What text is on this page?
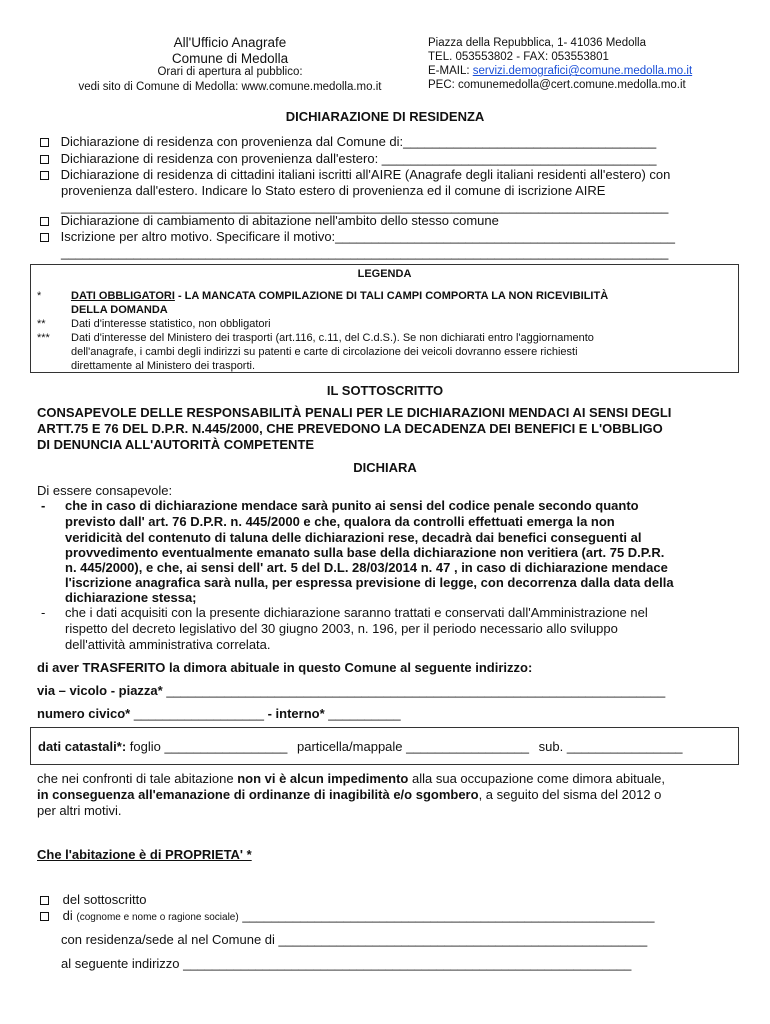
All'Ufficio Anagrafe
Comune di Medolla
Orari di apertura al pubblico:
vedi sito di Comune di Medolla: www.comune.medolla.mo.it
Piazza della Repubblica, 1- 41036 Medolla
TEL. 053553802 - FAX: 053553801
E-MAIL: servizi.demografici@comune.medolla.mo.it
PEC: comunemedolla@cert.comune.medolla.mo.it
DICHIARAZIONE DI RESIDENZA
Dichiarazione di residenza con provenienza dal Comune di:___________________________________
Dichiarazione di residenza con provenienza dall'estero: ______________________________________
Dichiarazione di residenza di cittadini italiani iscritti all'AIRE (Anagrafe degli italiani residenti all'estero) con
provenienza dall'estero. Indicare lo Stato estero di provenienza ed il comune di iscrizione AIRE
____________________________________________________________________________________
Dichiarazione di cambiamento di abitazione nell'ambito dello stesso comune
Iscrizione per altro motivo. Specificare il motivo:_______________________________________________
____________________________________________________________________________________
LEGENDA
*	DATI OBBLIGATORI - LA MANCATA COMPILAZIONE DI TALI CAMPI COMPORTA LA NON RICEVIBILITÀ
DELLA DOMANDA
** Dati d'interesse statistico, non obbligatori
*** Dati d'interesse del Ministero dei trasporti (art.116, c.11, del C.d.S.). Se non dichiarati entro l'aggiornamento
dell'anagrafe, i cambi degli indirizzi su patenti e carte di circolazione dei veicoli dovranno essere richiesti
direttamente al Ministero dei trasporti.
IL SOTTOSCRITTO
CONSAPEVOLE DELLE RESPONSABILITÀ PENALI PER LE DICHIARAZIONI MENDACI AI SENSI DEGLI
ARTT.75 E 76 DEL D.P.R. N.445/2000, CHE PREVEDONO LA DECADENZA DEI BENEFICI E L'OBBLIGO
DI DENUNCIA ALL'AUTORITÀ COMPETENTE
DICHIARA
Di essere consapevole:
- che in caso di dichiarazione mendace sarà punito ai sensi del codice penale secondo quanto
previsto dall' art. 76 D.P.R. n. 445/2000 e che, qualora da controlli effettuati emerga la non
veridicità del contenuto di taluna delle dichiarazioni rese, decadrà dai benefici conseguenti al
provvedimento eventualmente emanato sulla base della dichiarazione non veritiera (art. 75 D.P.R.
n. 445/2000), e che, ai sensi dell' art. 5 del D.L. 28/03/2014 n. 47 , in caso di dichiarazione mendace
l'iscrizione anagrafica sarà nulla, per espressa previsione di legge, con decorrenza dalla data della
dichiarazione stessa;
- che i dati acquisiti con la presente dichiarazione saranno trattati e conservati dall'Amministrazione nel
rispetto del decreto legislativo del 30 giugno 2003, n. 196, per il periodo necessario allo sviluppo
dell'attività amministrativa correlata.
di aver TRASFERITO la dimora abituale in questo Comune al seguente indirizzo:
via – vicolo - piazza* _____________________________________________________________________
numero civico* __________________ - interno* __________
dati catastali*: foglio _________________ particella/mappale _________________ sub. ________________
che nei confronti di tale abitazione non vi è alcun impedimento alla sua occupazione come dimora abituale,
in conseguenza all'emanazione di ordinanze di inagibilità e/o sgombero, a seguito del sisma del 2012 o
per altri motivi.
Che l'abitazione è di PROPRIETA' *
del sottoscritto
di (cognome e nome o ragione sociale) _________________________________________________________
con residenza/sede al nel Comune di ___________________________________________________
al seguente indirizzo ______________________________________________________________
